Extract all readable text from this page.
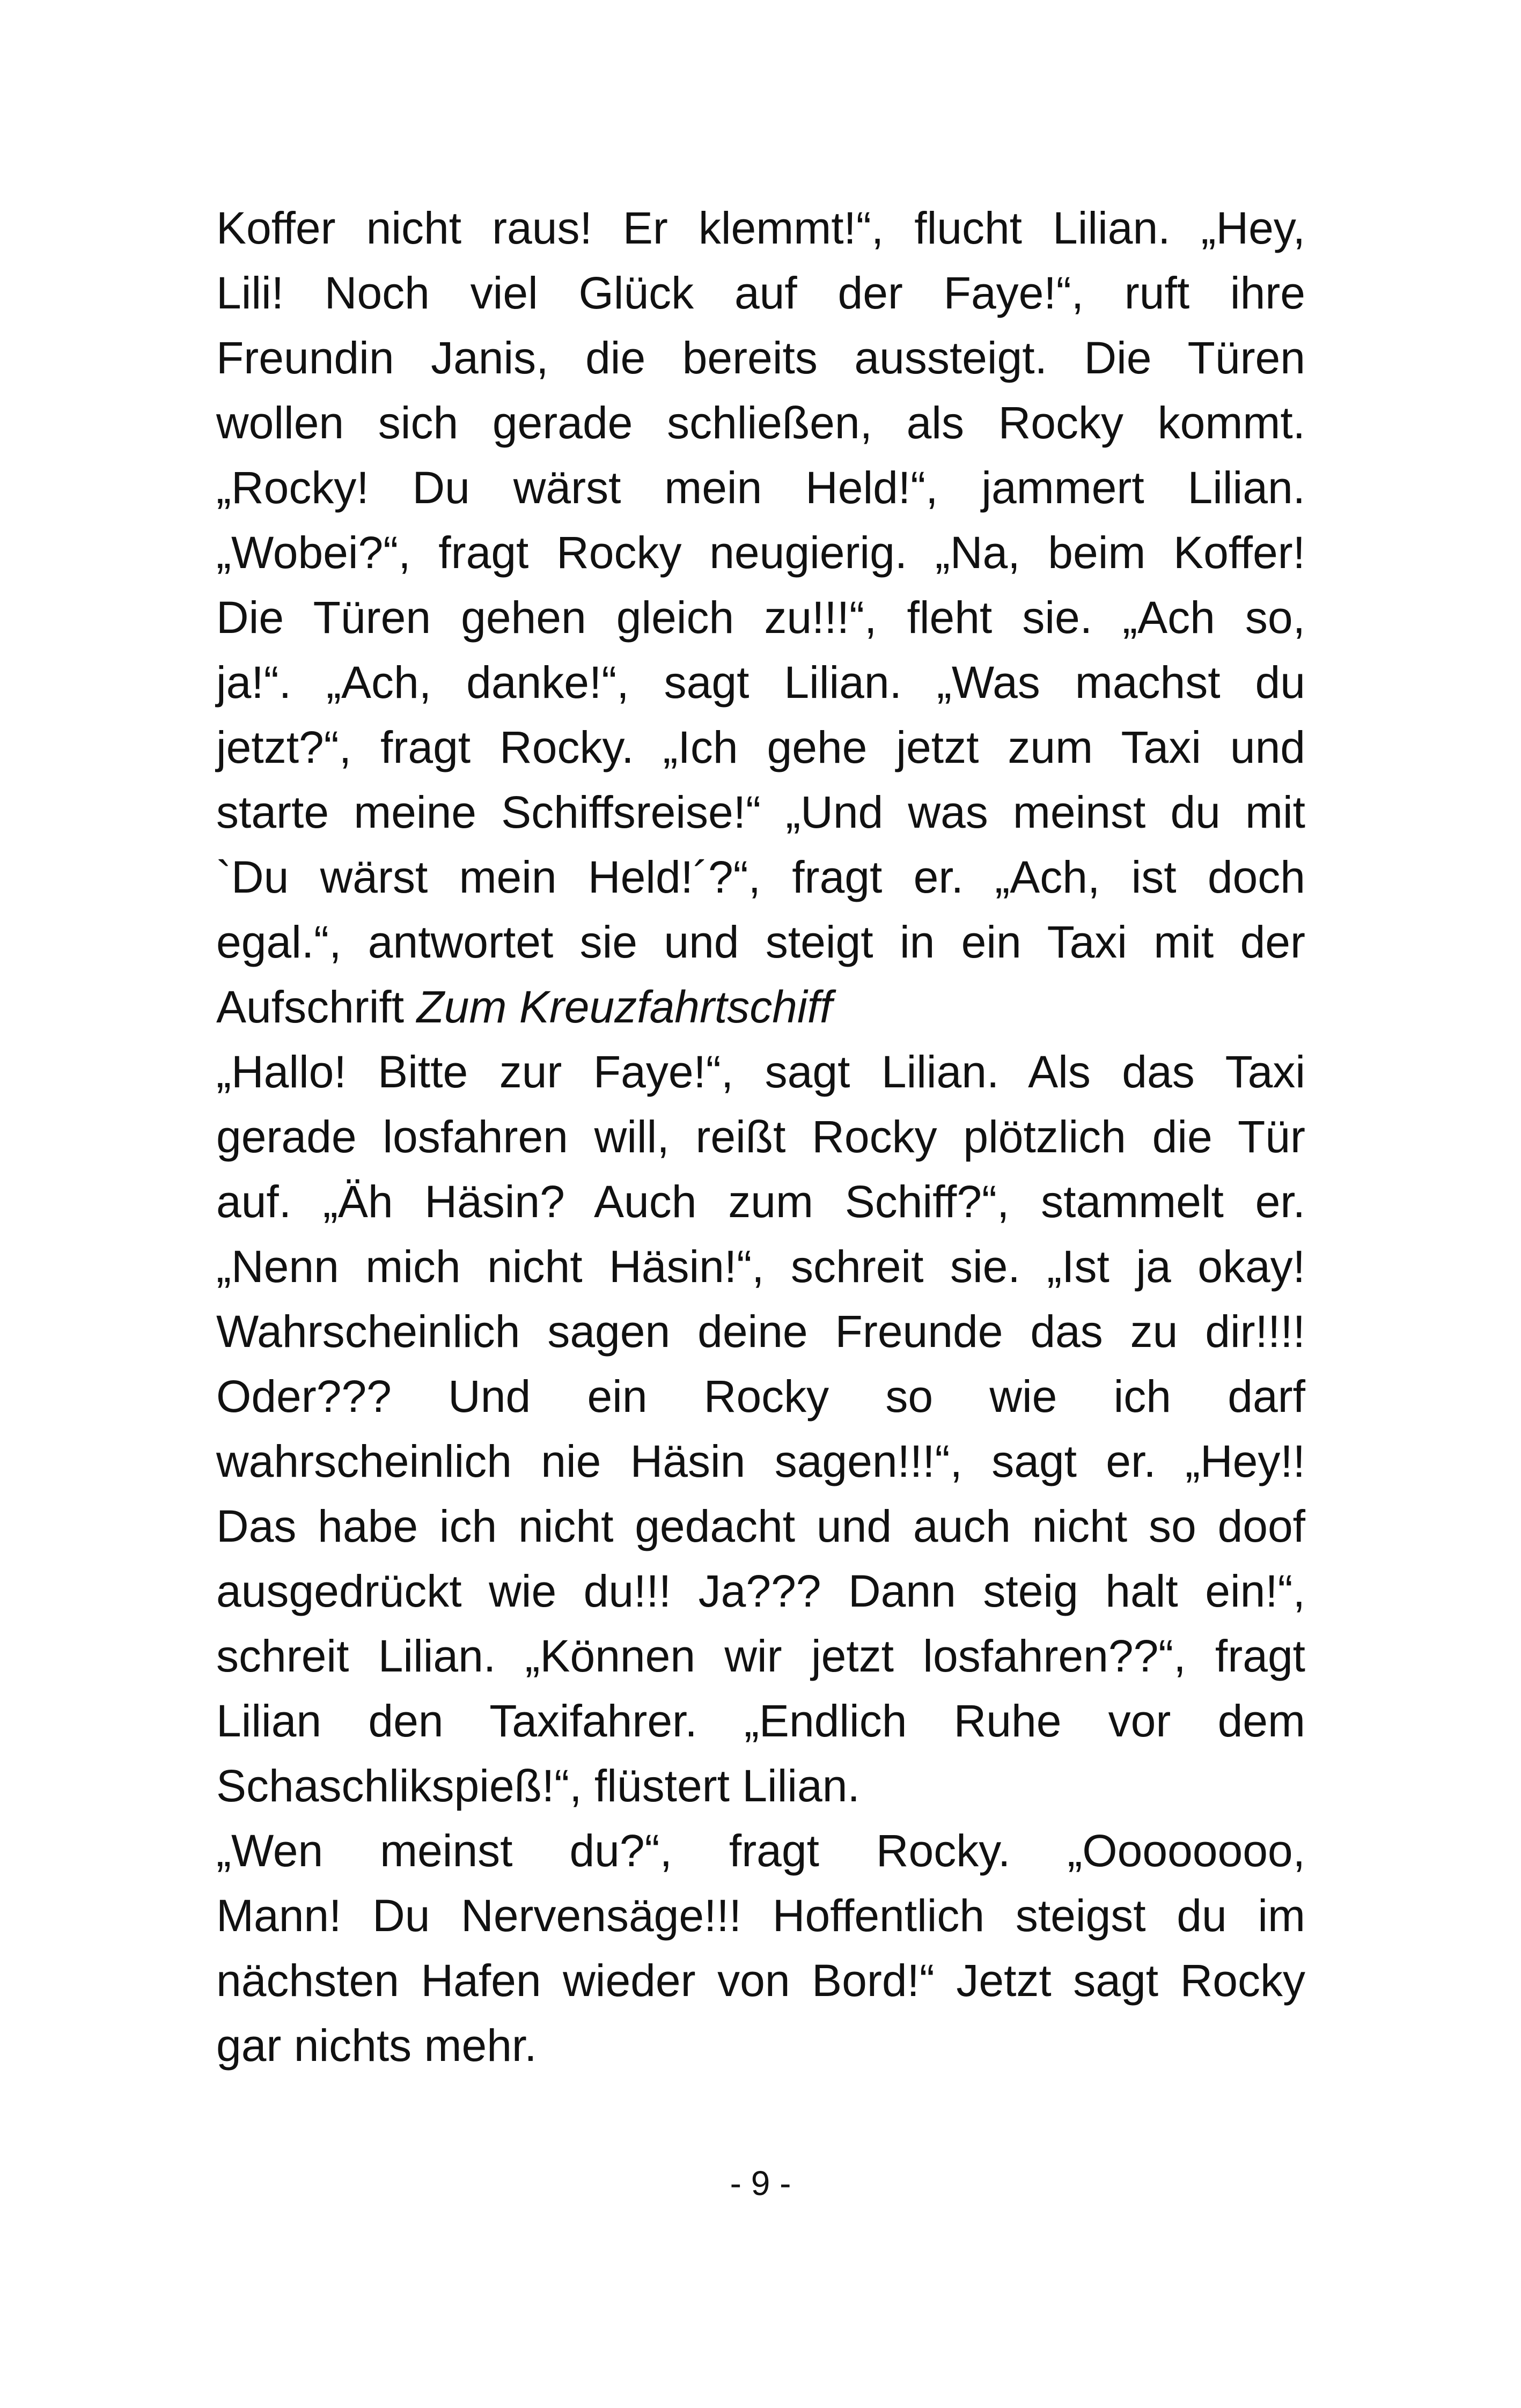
Koffer nicht raus! Er klemmt!“, flucht Lilian. „Hey,
Lili! Noch viel Glück auf der Faye!“, ruft ihre
Freundin Janis, die bereits aussteigt. Die Türen
wollen sich gerade schließen, als Rocky kommt.
„Rocky! Du wärst mein Held!“, jammert Lilian.
„Wobei?“, fragt Rocky neugierig. „Na, beim Koffer!
Die Türen gehen gleich zu!!!“, fleht sie. „Ach so,
ja!“. „Ach, danke!“, sagt Lilian. „Was machst du
jetzt?“, fragt Rocky. „Ich gehe jetzt zum Taxi und
starte meine Schiffsreise!“ „Und was meinst du mit
`Du wärst mein Held!´?“, fragt er. „Ach, ist doch
egal.“, antwortet sie und steigt in ein Taxi mit der
Aufschrift Zum Kreuzfahrtschiff
„Hallo! Bitte zur Faye!“, sagt Lilian. Als das Taxi
gerade losfahren will, reißt Rocky plötzlich die Tür
auf. „Äh Häsin? Auch zum Schiff?“, stammelt er.
„Nenn mich nicht Häsin!“, schreit sie. „Ist ja okay!
Wahrscheinlich sagen deine Freunde das zu dir!!!!
Oder??? Und ein Rocky so wie ich darf
wahrscheinlich nie Häsin sagen!!!“, sagt er. „Hey!!
Das habe ich nicht gedacht und auch nicht so doof
ausgedrückt wie du!!! Ja??? Dann steig halt ein!“,
schreit Lilian. „Können wir jetzt losfahren??“, fragt
Lilian den Taxifahrer. „Endlich Ruhe vor dem
Schaschlikspieß!“, flüstert Lilian.
„Wen meinst du?“, fragt Rocky. „Oooooooo,
Mann! Du Nervensäge!!! Hoffentlich steigst du im
nächsten Hafen wieder von Bord!“ Jetzt sagt Rocky
gar nichts mehr.
- 9 -
